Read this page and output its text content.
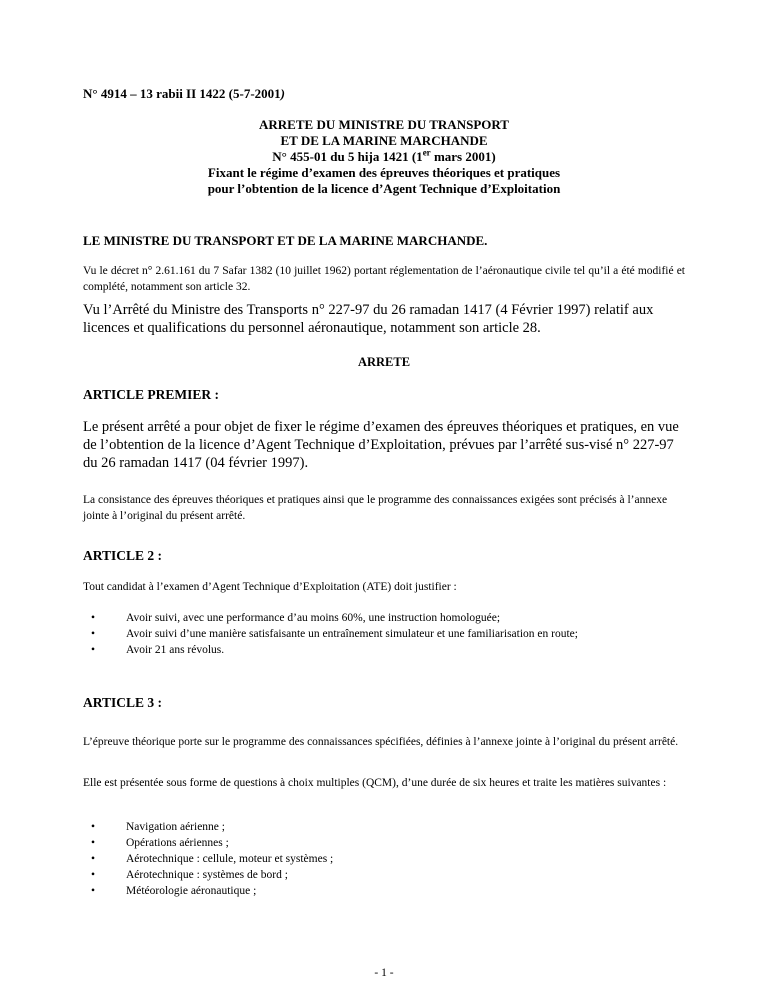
N° 4914 – 13 rabii II 1422 (5-7-2001)

ARRETE DU MINISTRE DU TRANSPORT
ET DE LA MARINE MARCHANDE
N° 455-01 du 5 hija 1421 (1er mars 2001)
Fixant le régime d’examen des épreuves théoriques et pratiques
pour l’obtention de la licence d’Agent Technique d’Exploitation

LE MINISTRE DU TRANSPORT ET DE LA MARINE MARCHANDE.

Vu le décret n° 2.61.161 du 7 Safar 1382 (10 juillet 1962) portant réglementation de l’aéronautique civile tel qu’il a été modifié et complété, notamment son article 32.

Vu l’Arrêté du Ministre des Transports n° 227-97 du 26 ramadan 1417 (4 Février 1997) relatif aux licences et qualifications du personnel aéronautique, notamment son article 28.

ARRETE

ARTICLE PREMIER :

Le présent arrêté a pour objet de fixer le régime d’examen des épreuves théoriques et pratiques, en vue de l’obtention de la licence d’Agent Technique d’Exploitation, prévues par l’arrêté sus-visé n° 227-97 du 26 ramadan 1417 (04 février 1997).

La consistance des épreuves théoriques et pratiques ainsi que le programme des connaissances exigées sont précisés à l’annexe jointe à l’original du présent arrêté.

ARTICLE 2 :

Tout candidat à l’examen d’Agent Technique d’Exploitation (ATE) doit justifier :

•	Avoir suivi, avec une performance d’au moins 60%, une instruction homologuée;
•	Avoir suivi d’une manière satisfaisante un entraînement simulateur et une familiarisation en route;
•	Avoir 21 ans révolus.

ARTICLE 3 :

L’épreuve théorique porte sur le programme des connaissances spécifiées, définies à l’annexe jointe à l’original du présent arrêté.

Elle est présentée sous forme de questions à choix multiples (QCM), d’une durée de six heures et traite les matières suivantes :

•	Navigation aérienne ;
•	Opérations aériennes ;
•	Aérotechnique : cellule, moteur et systèmes ;
•	Aérotechnique : systèmes de bord ;
•	Météorologie aéronautique ;

- 1 -
